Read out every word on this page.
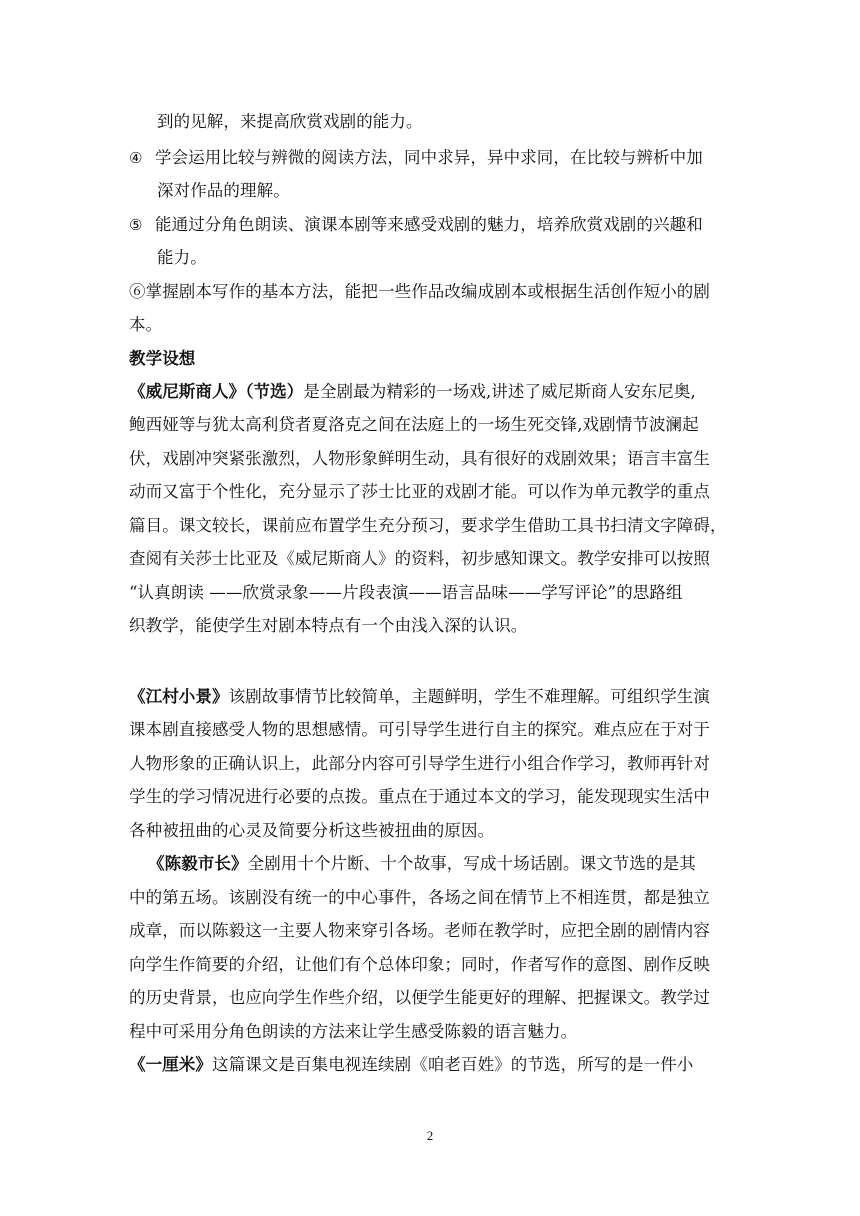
到的见解，来提高欣赏戏剧的能力。
④ 学会运用比较与辨微的阅读方法，同中求异，异中求同，在比较与辨析中加
深对作品的理解。
⑤ 能通过分角色朗读、演课本剧等来感受戏剧的魅力，培养欣赏戏剧的兴趣和
能力。
⑥掌握剧本写作的基本方法，能把一些作品改编成剧本或根据生活创作短小的剧
本。
教学设想
《威尼斯商人》（节选）是全剧最为精彩的一场戏,讲述了威尼斯商人安东尼奥,
鲍西娅等与犹太高利贷者夏洛克之间在法庭上的一场生死交锋,戏剧情节波澜起
伏，戏剧冲突紧张激烈，人物形象鲜明生动，具有很好的戏剧效果；语言丰富生
动而又富于个性化，充分显示了莎士比亚的戏剧才能。可以作为单元教学的重点
篇目。课文较长，课前应布置学生充分预习，要求学生借助工具书扫清文字障碍，
查阅有关莎士比亚及《威尼斯商人》的资料，初步感知课文。教学安排可以按照
“认真朗读 ——欣赏录象——片段表演——语言品味——学写评论”的思路组
织教学，能使学生对剧本特点有一个由浅入深的认识。
《江村小景》该剧故事情节比较简单，主题鲜明，学生不难理解。可组织学生演
课本剧直接感受人物的思想感情。可引导学生进行自主的探究。难点应在于对于
人物形象的正确认识上，此部分内容可引导学生进行小组合作学习，教师再针对
学生的学习情况进行必要的点拨。重点在于通过本文的学习，能发现现实生活中
各种被扭曲的心灵及简要分析这些被扭曲的原因。
《陈毅市长》全剧用十个片断、十个故事，写成十场话剧。课文节选的是其
中的第五场。该剧没有统一的中心事件，各场之间在情节上不相连贯，都是独立
成章，而以陈毅这一主要人物来穿引各场。老师在教学时，应把全剧的剧情内容
向学生作简要的介绍，让他们有个总体印象；同时，作者写作的意图、剧作反映
的历史背景，也应向学生作些介绍，以便学生能更好的理解、把握课文。教学过
程中可采用分角色朗读的方法来让学生感受陈毅的语言魅力。
《一厘米》这篇课文是百集电视连续剧《咱老百姓》的节选，所写的是一件小
2
